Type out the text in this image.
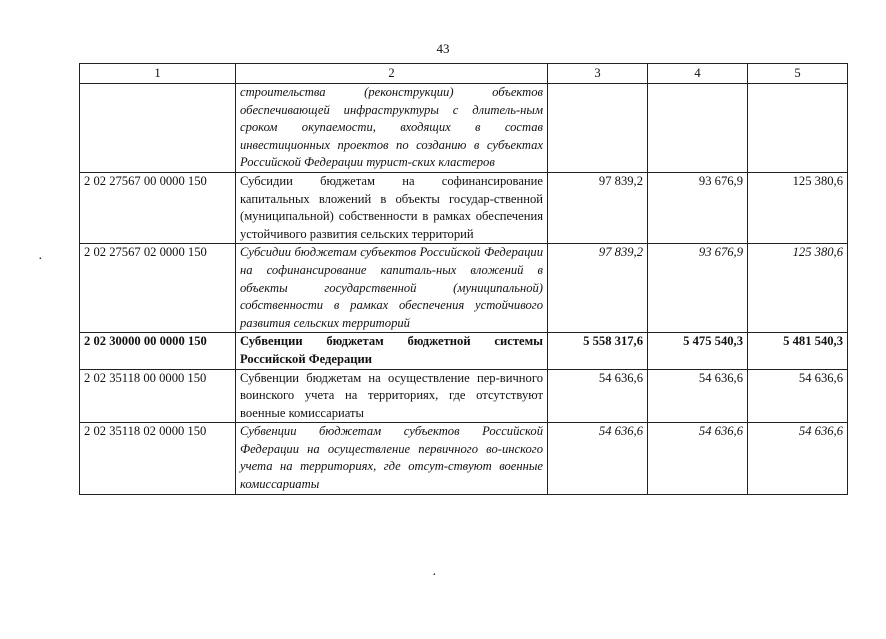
43
1	2	3	4	5
	строительства (реконструкции) объектов обеспечивающей инфраструктуры с длитель-ным сроком окупаемости, входящих в состав инвестиционных проектов по созданию в субъектах Российской Федерации турист-ских кластеров			
2 02 27567 00 0000 150	Субсидии бюджетам на софинансирование капитальных вложений в объекты государ-ственной (муниципальной) собственности в рамках обеспечения устойчивого развития сельских территорий	97 839,2	93 676,9	125 380,6
2 02 27567 02 0000 150	Субсидии бюджетам субъектов Российской Федерации на софинансирование капиталь-ных вложений в объекты государственной (муниципальной) собственности в рамках обеспечения устойчивого развития сельских территорий	97 839,2	93 676,9	125 380,6
2 02 30000 00 0000 150	Субвенции бюджетам бюджетной системы Российской Федерации	5 558 317,6	5 475 540,3	5 481 540,3
2 02 35118 00 0000 150	Субвенции бюджетам на осуществление пер-вичного воинского учета на территориях, где отсутствуют военные комиссариаты	54 636,6	54 636,6	54 636,6
2 02 35118 02 0000 150	Субвенции бюджетам субъектов Российской Федерации на осуществление первичного во-инского учета на территориях, где отсут-ствуют военные комиссариаты	54 636,6	54 636,6	54 636,6
·
·
